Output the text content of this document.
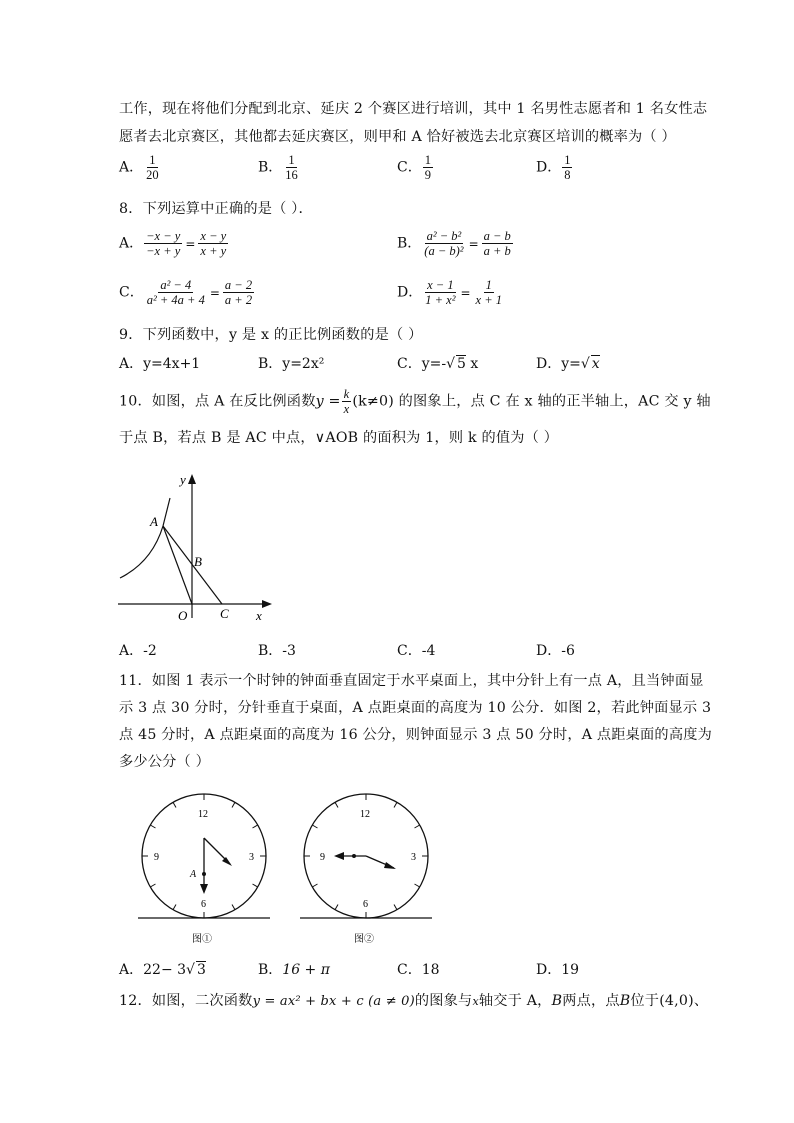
工作，现在将他们分配到北京、延庆 2 个赛区进行培训，其中 1 名男性志愿者和 1 名女性志
愿者去北京赛区，其他都去延庆赛区，则甲和 A 恰好被选去北京赛区培训的概率为（ ）
A． $\frac{1}{20}$	B． $\frac{1}{16}$	C． $\frac{1}{9}$	D． $\frac{1}{8}$
8．下列运算中正确的是（ ）．
A． $\frac{-x - y}{-x + y} = \frac{x - y}{x + y}$	B． $\frac{\text{a² − b²}}{\text{(a − b)²}} = \frac{a - b}{a + b}$
C． $\frac{\text{a² − 4}}{\text{a² + 4a + 4}} = \frac{a - 2}{a + 2}$	D． $\frac{x - 1}{\text{1 + x²}} = \frac{1}{x + 1}$
9．下列函数中，y 是 x 的正比例函数的是（ ）
A．y=4x+1	B．y=2x²	C．y=-√ 5 x	D．y=√ x
10．如图，点 A 在反比例函数$y = \frac{k}{x} (k\ne 0)$ 的图象上，点 C 在 x 轴的正半轴上，AC 交 y 轴
于点 B，若点 B 是 AC 中点，∨AOB 的面积为 1，则 k 的值为（ ）
y
x
A
B
O	C
A．-2	B．-3	C．-4	D．-6
11．如图 1 表示一个时钟的钟面垂直固定于水平桌面上，其中分针上有一点 A，且当钟面显
示 3 点 30 分时，分针垂直于桌面，A 点距桌面的高度为 10 公分．如图 2，若此钟面显示 3
点 45 分时，A 点距桌面的高度为 16 公分，则钟面显示 3 点 50 分时，A 点距桌面的高度为
多少公分（ ）
12
3
6
9
A
图①
12
3
6
9
图②
A．22− 3√ 3	B．16 + π	C．18	D．19
12．如图，二次函数y = ax² + bx + c (a ≠ 0)的图象与x轴交于 A，B两点，点B位于(4,0)、
